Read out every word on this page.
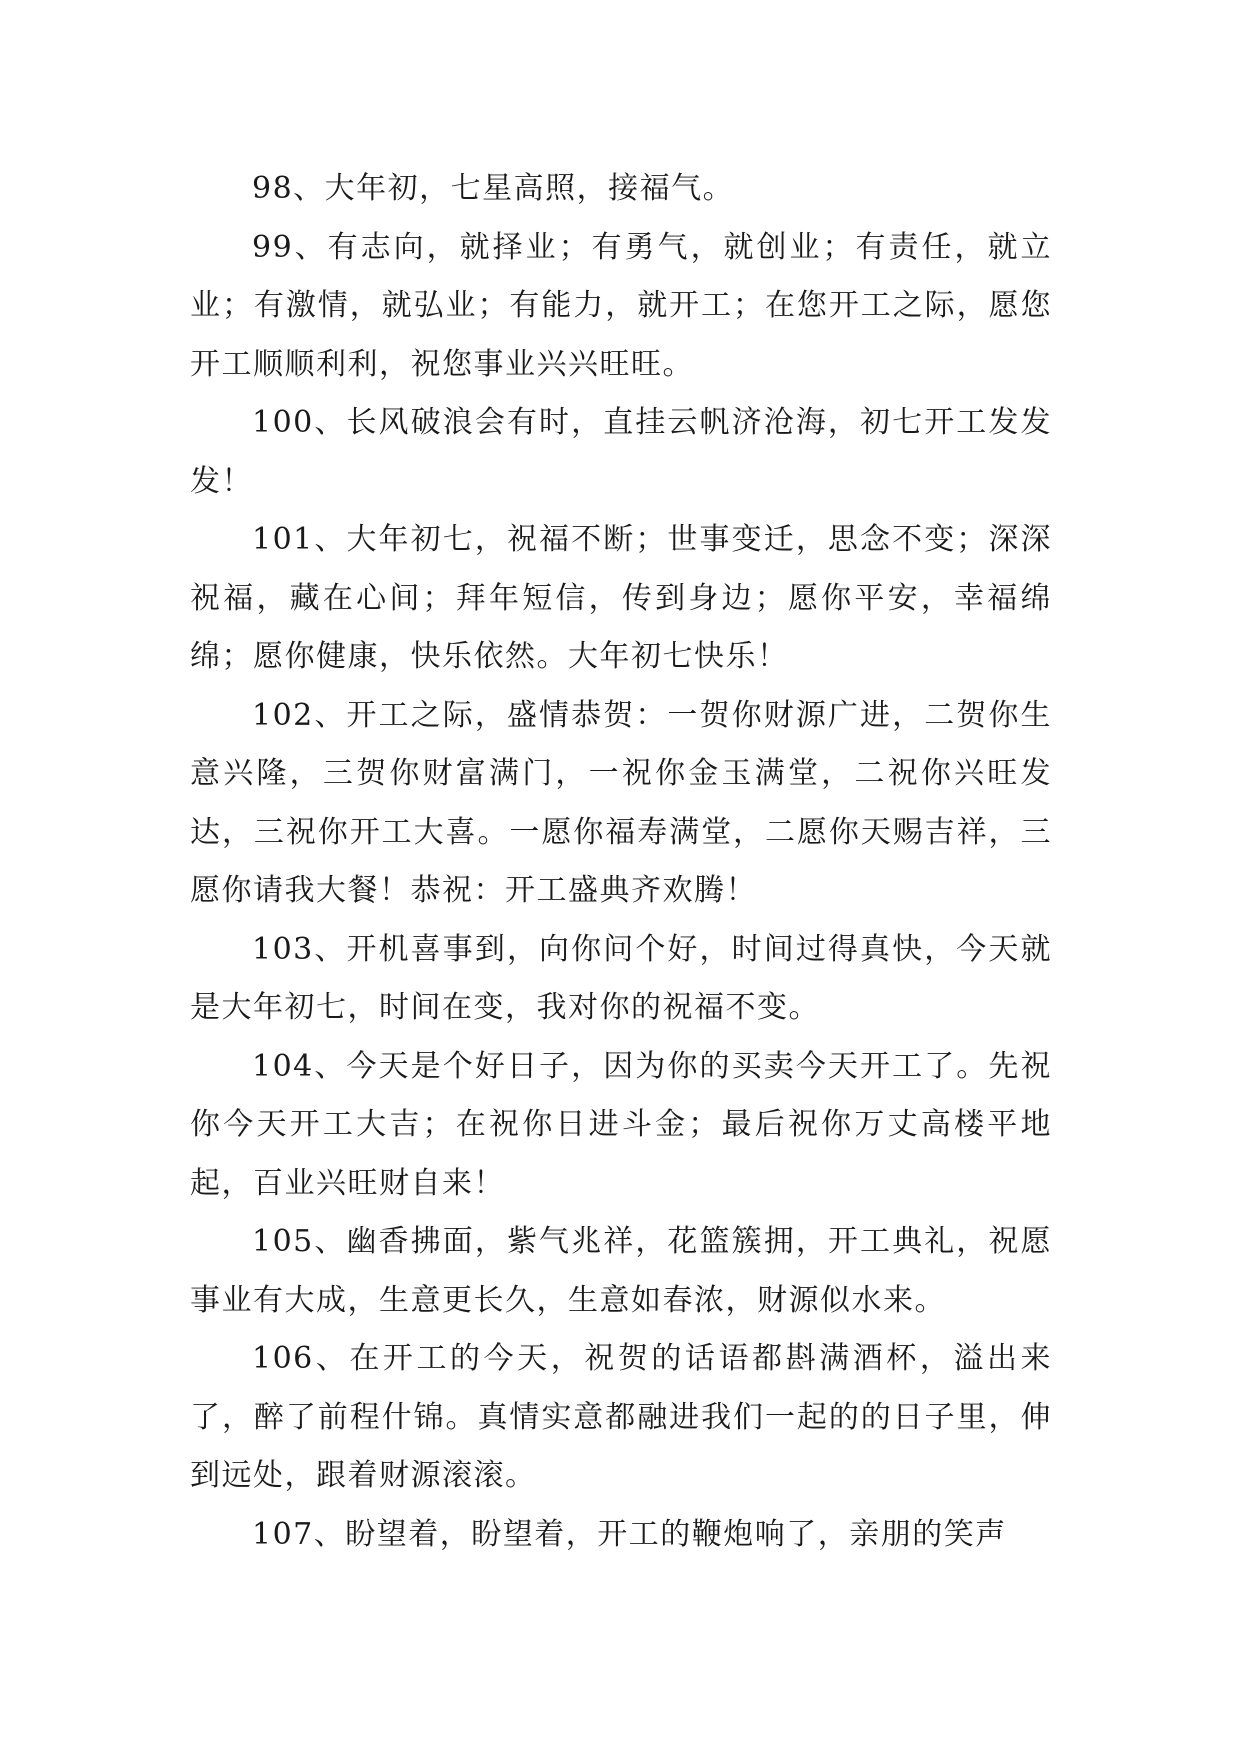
98、大年初，七星高照，接福气。

99、有志向，就择业；有勇气，就创业；有责任，就立业；有激情，就弘业；有能力，就开工；在您开工之际，愿您开工顺顺利利，祝您事业兴兴旺旺。

100、长风破浪会有时，直挂云帆济沧海，初七开工发发发！

101、大年初七，祝福不断；世事变迁，思念不变；深深祝福，藏在心间；拜年短信，传到身边；愿你平安，幸福绵绵；愿你健康，快乐依然。大年初七快乐！

102、开工之际，盛情恭贺：一贺你财源广进，二贺你生意兴隆，三贺你财富满门，一祝你金玉满堂，二祝你兴旺发达，三祝你开工大喜。一愿你福寿满堂，二愿你天赐吉祥，三愿你请我大餐！恭祝：开工盛典齐欢腾！

103、开机喜事到，向你问个好，时间过得真快，今天就是大年初七，时间在变，我对你的祝福不变。

104、今天是个好日子，因为你的买卖今天开工了。先祝你今天开工大吉；在祝你日进斗金；最后祝你万丈高楼平地起，百业兴旺财自来！

105、幽香拂面，紫气兆祥，花篮簇拥，开工典礼，祝愿事业有大成，生意更长久，生意如春浓，财源似水来。

106、在开工的今天，祝贺的话语都斟满酒杯，溢出来了，醉了前程什锦。真情实意都融进我们一起的的日子里，伸到远处，跟着财源滚滚。

107、盼望着，盼望着，开工的鞭炮响了，亲朋的笑声
